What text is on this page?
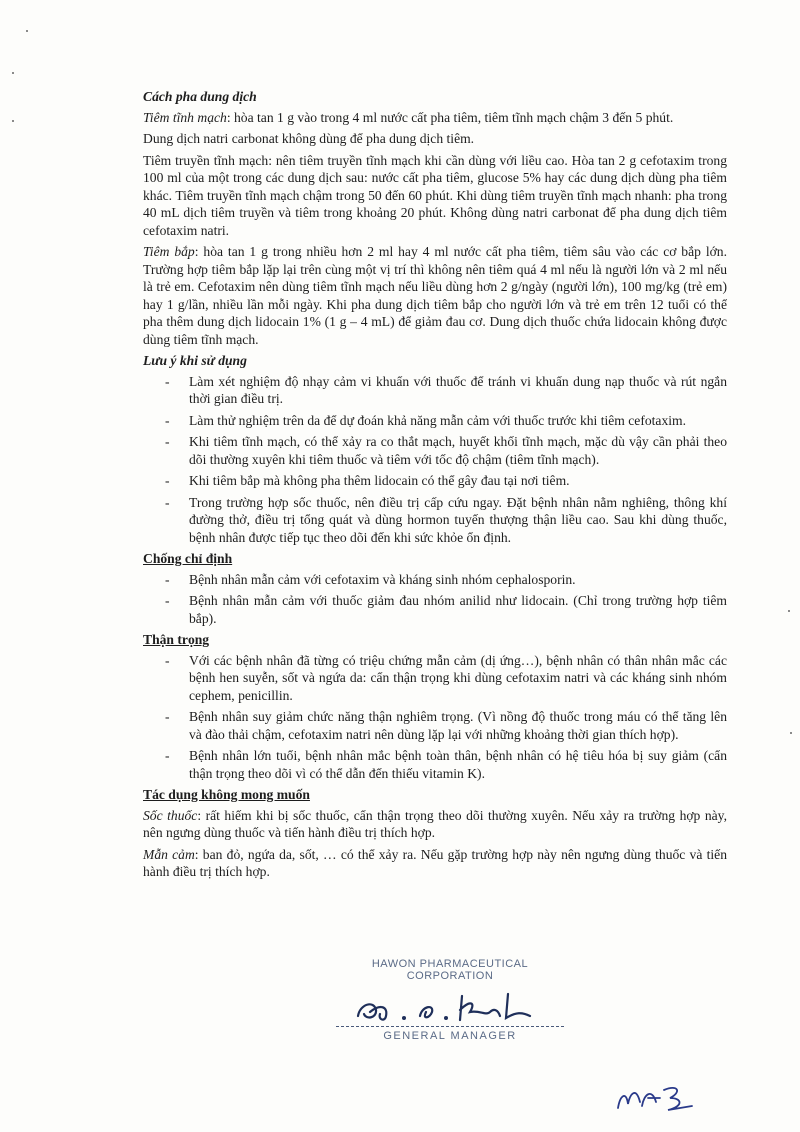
Cách pha dung dịch

Tiêm tĩnh mạch: hòa tan 1 g vào trong 4 ml nước cất pha tiêm, tiêm tĩnh mạch chậm 3 đến 5 phút.

Dung dịch natri carbonat không dùng để pha dung dịch tiêm.

Tiêm truyền tĩnh mạch: nên tiêm truyền tĩnh mạch khi cần dùng với liều cao. Hòa tan 2 g cefotaxim trong 100 ml của một trong các dung dịch sau: nước cất pha tiêm, glucose 5% hay các dung dịch dùng pha tiêm khác. Tiêm truyền tĩnh mạch chậm trong 50 đến 60 phút. Khi dùng tiêm truyền tĩnh mạch nhanh: pha trong 40 mL dịch tiêm truyền và tiêm trong khoảng 20 phút. Không dùng natri carbonat để pha dung dịch tiêm cefotaxim natri.

Tiêm bắp: hòa tan 1 g trong nhiều hơn 2 ml hay 4 ml nước cất pha tiêm, tiêm sâu vào các cơ bắp lớn. Trường hợp tiêm bắp lặp lại trên cùng một vị trí thì không nên tiêm quá 4 ml nếu là người lớn và 2 ml nếu là trẻ em. Cefotaxim nên dùng tiêm tĩnh mạch nếu liều dùng hơn 2 g/ngày (người lớn), 100 mg/kg (trẻ em) hay 1 g/lần, nhiều lần mỗi ngày. Khi pha dung dịch tiêm bắp cho người lớn và trẻ em trên 12 tuổi có thể pha thêm dung dịch lidocain 1% (1 g – 4 mL) để giảm đau cơ. Dung dịch thuốc chứa lidocain không được dùng tiêm tĩnh mạch.

Lưu ý khi sử dụng
- Làm xét nghiệm độ nhạy cảm vi khuẩn với thuốc để tránh vi khuẩn dung nạp thuốc và rút ngắn thời gian điều trị.
- Làm thử nghiệm trên da để dự đoán khả năng mẫn cảm với thuốc trước khi tiêm cefotaxim.
- Khi tiêm tĩnh mạch, có thể xảy ra co thắt mạch, huyết khối tĩnh mạch, mặc dù vậy cần phải theo dõi thường xuyên khi tiêm thuốc và tiêm với tốc độ chậm (tiêm tĩnh mạch).
- Khi tiêm bắp mà không pha thêm lidocain có thể gây đau tại nơi tiêm.
- Trong trường hợp sốc thuốc, nên điều trị cấp cứu ngay. Đặt bệnh nhân nằm nghiêng, thông khí đường thở, điều trị tổng quát và dùng hormon tuyến thượng thận liều cao. Sau khi dùng thuốc, bệnh nhân được tiếp tục theo dõi đến khi sức khỏe ổn định.
Chống chỉ định
- Bệnh nhân mẫn cảm với cefotaxim và kháng sinh nhóm cephalosporin.
- Bệnh nhân mẫn cảm với thuốc giảm đau nhóm anilid như lidocain. (Chỉ trong trường hợp tiêm bắp).
Thận trọng
- Với các bệnh nhân đã từng có triệu chứng mẫn cảm (dị ứng…), bệnh nhân có thân nhân mắc các bệnh hen suyễn, sốt và ngứa da: cẩn thận trọng khi dùng cefotaxim natri và các kháng sinh nhóm cephem, penicillin.
- Bệnh nhân suy giảm chức năng thận nghiêm trọng. (Vì nồng độ thuốc trong máu có thể tăng lên và đào thải chậm, cefotaxim natri nên dùng lặp lại với những khoảng thời gian thích hợp).
- Bệnh nhân lớn tuổi, bệnh nhân mắc bệnh toàn thân, bệnh nhân có hệ tiêu hóa bị suy giảm (cẩn thận trọng theo dõi vì có thể dẫn đến thiếu vitamin K).
Tác dụng không mong muốn

Sốc thuốc: rất hiếm khi bị sốc thuốc, cẩn thận trọng theo dõi thường xuyên. Nếu xảy ra trường hợp này, nên ngưng dùng thuốc và tiến hành điều trị thích hợp.

Mẫn cảm: ban đỏ, ngứa da, sốt, … có thể xảy ra. Nếu gặp trường hợp này nên ngưng dùng thuốc và tiến hành điều trị thích hợp.

HAWON PHARMACEUTICAL CORPORATION
GENERAL MANAGER
